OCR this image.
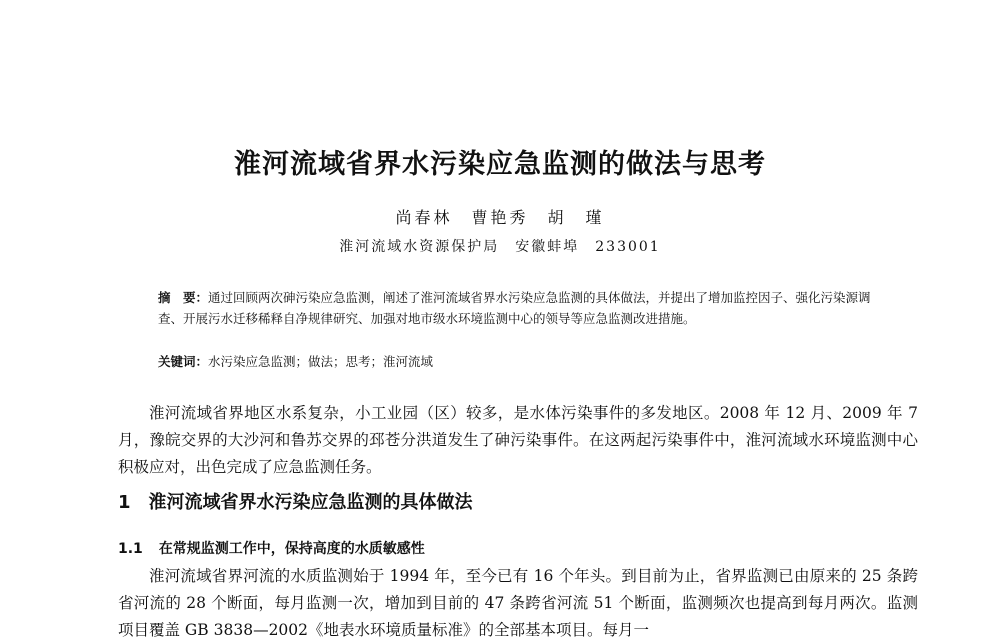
淮河流域省界水污染应急监测的做法与思考
尚春林　曹艳秀　胡　瑾
淮河流域水资源保护局　安徽蚌埠　233001
摘　要：通过回顾两次砷污染应急监测，阐述了淮河流域省界水污染应急监测的具体做法，并提出了增加监控因子、强化污染源调查、开展污水迁移稀释自净规律研究、加强对地市级水环境监测中心的领导等应急监测改进措施。
关键词：水污染应急监测；做法；思考；淮河流域
淮河流域省界地区水系复杂，小工业园（区）较多，是水体污染事件的多发地区。2008 年 12 月、2009 年 7 月，豫皖交界的大沙河和鲁苏交界的邳苍分洪道发生了砷污染事件。在这两起污染事件中，淮河流域水环境监测中心积极应对，出色完成了应急监测任务。
1 淮河流域省界水污染应急监测的具体做法
1.1 在常规监测工作中，保持高度的水质敏感性
淮河流域省界河流的水质监测始于 1994 年，至今已有 16 个年头。到目前为止，省界监测已由原来的 25 条跨省河流的 28 个断面，每月监测一次，增加到目前的 47 条跨省河流 51 个断面，监测频次也提高到每月两次。监测项目覆盖 GB 3838—2002《地表水环境质量标准》的全部基本项目。每月一
